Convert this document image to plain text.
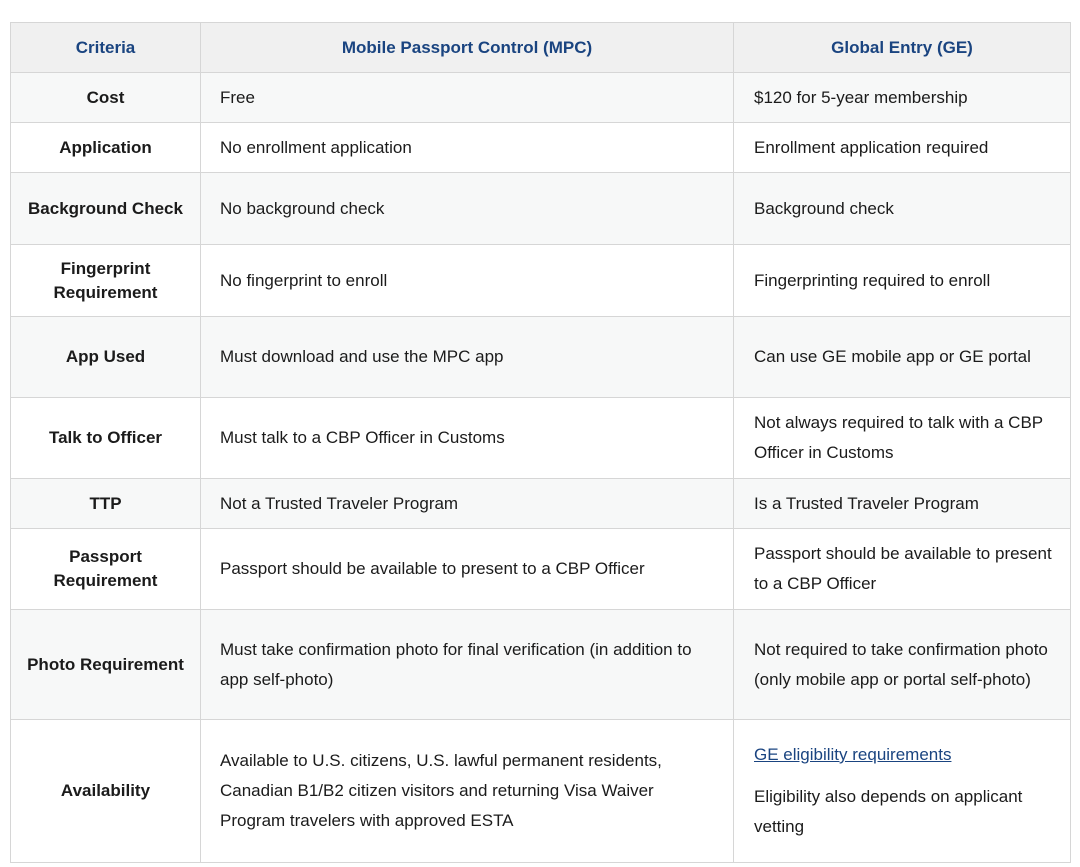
Criteria	Mobile Passport Control (MPC)	Global Entry (GE)
Cost	Free	$120 for 5-year membership
Application	No enrollment application	Enrollment application required
Background Check	No background check	Background check
Fingerprint Requirement	No fingerprint to enroll	Fingerprinting required to enroll
App Used	Must download and use the MPC app	Can use GE mobile app or GE portal
Talk to Officer	Must talk to a CBP Officer in Customs	Not always required to talk with a CBP Officer in Customs
TTP	Not a Trusted Traveler Program	Is a Trusted Traveler Program
Passport Requirement	Passport should be available to present to a CBP Officer	Passport should be available to present to a CBP Officer
Photo Requirement	Must take confirmation photo for final verification (in addition to app self-photo)	Not required to take confirmation photo (only mobile app or portal self-photo)
Availability	Available to U.S. citizens, U.S. lawful permanent residents, Canadian B1/B2 citizen visitors and returning Visa Waiver Program travelers with approved ESTA	GE eligibility requirements
Eligibility also depends on applicant vetting
